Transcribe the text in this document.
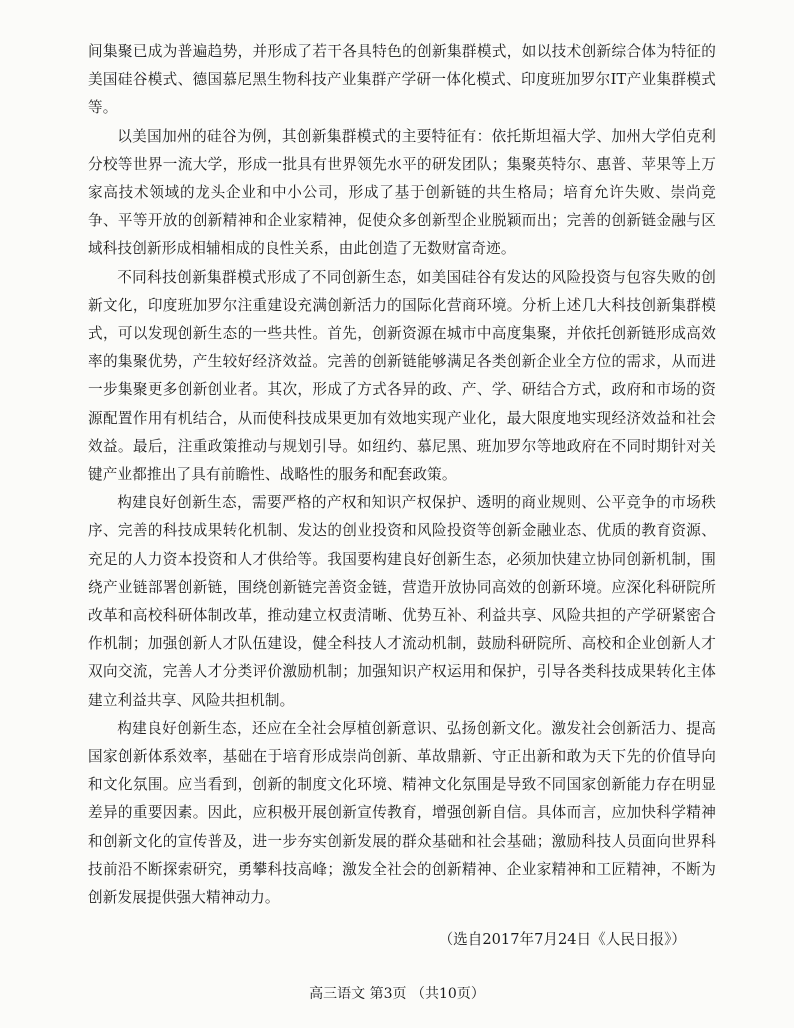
间集聚已成为普遍趋势，并形成了若干各具特色的创新集群模式，如以技术创新综合体为特征的美国硅谷模式、德国慕尼黑生物科技产业集群产学研一体化模式、印度班加罗尔IT产业集群模式等。

以美国加州的硅谷为例，其创新集群模式的主要特征有：依托斯坦福大学、加州大学伯克利分校等世界一流大学，形成一批具有世界领先水平的研发团队；集聚英特尔、惠普、苹果等上万家高技术领域的龙头企业和中小公司，形成了基于创新链的共生格局；培育允许失败、崇尚竞争、平等开放的创新精神和企业家精神，促使众多创新型企业脱颖而出；完善的创新链金融与区域科技创新形成相辅相成的良性关系，由此创造了无数财富奇迹。

不同科技创新集群模式形成了不同创新生态，如美国硅谷有发达的风险投资与包容失败的创新文化，印度班加罗尔注重建设充满创新活力的国际化营商环境。分析上述几大科技创新集群模式，可以发现创新生态的一些共性。首先，创新资源在城市中高度集聚，并依托创新链形成高效率的集聚优势，产生较好经济效益。完善的创新链能够满足各类创新企业全方位的需求，从而进一步集聚更多创新创业者。其次，形成了方式各异的政、产、学、研结合方式，政府和市场的资源配置作用有机结合，从而使科技成果更加有效地实现产业化，最大限度地实现经济效益和社会效益。最后，注重政策推动与规划引导。如纽约、慕尼黑、班加罗尔等地政府在不同时期针对关键产业都推出了具有前瞻性、战略性的服务和配套政策。

构建良好创新生态，需要严格的产权和知识产权保护、透明的商业规则、公平竞争的市场秩序、完善的科技成果转化机制、发达的创业投资和风险投资等创新金融业态、优质的教育资源、充足的人力资本投资和人才供给等。我国要构建良好创新生态，必须加快建立协同创新机制，围绕产业链部署创新链，围绕创新链完善资金链，营造开放协同高效的创新环境。应深化科研院所改革和高校科研体制改革，推动建立权责清晰、优势互补、利益共享、风险共担的产学研紧密合作机制；加强创新人才队伍建设，健全科技人才流动机制，鼓励科研院所、高校和企业创新人才双向交流，完善人才分类评价激励机制；加强知识产权运用和保护，引导各类科技成果转化主体建立利益共享、风险共担机制。

构建良好创新生态，还应在全社会厚植创新意识、弘扬创新文化。激发社会创新活力、提高国家创新体系效率，基础在于培育形成崇尚创新、革故鼎新、守正出新和敢为天下先的价值导向和文化氛围。应当看到，创新的制度文化环境、精神文化氛围是导致不同国家创新能力存在明显差异的重要因素。因此，应积极开展创新宣传教育，增强创新自信。具体而言，应加快科学精神和创新文化的宣传普及，进一步夯实创新发展的群众基础和社会基础；激励科技人员面向世界科技前沿不断探索研究，勇攀科技高峰；激发全社会的创新精神、企业家精神和工匠精神，不断为创新发展提供强大精神动力。

（选自2017年7月24日《人民日报》）
高三语文 第3页 （共10页）
